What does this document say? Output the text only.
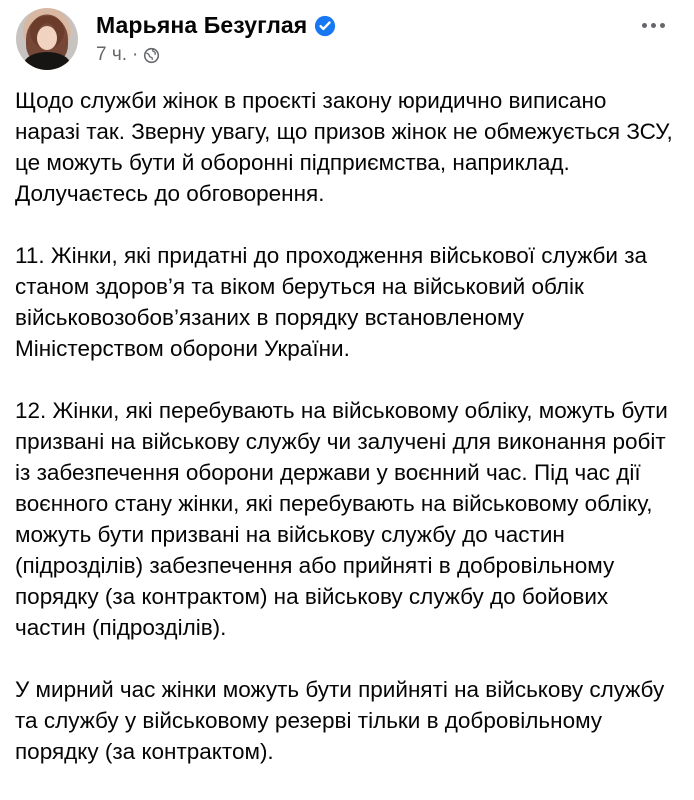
Марьяна Безуглая
7 ч. ·

Щодо служби жінок в проєкті закону юридично виписано наразі так. Зверну увагу, що призов жінок не обмежується ЗСУ, це можуть бути й оборонні підприємства, наприклад. Долучаєтесь до обговорення.

11. Жінки, які придатні до проходження військової служби за станом здоров’я та віком беруться на військовий облік військовозобов’язаних в порядку встановленому Міністерством оборони України.

12. Жінки, які перебувають на військовому обліку, можуть бути призвані на військову службу чи залучені для виконання робіт із забезпечення оборони держави у воєнний час. Під час дії воєнного стану жінки, які перебувають на військовому обліку, можуть бути призвані на військову службу до частин (підрозділів) забезпечення або прийняті в добровільному порядку (за контрактом) на військову службу до бойових частин (підрозділів).

У мирний час жінки можуть бути прийняті на військову службу та службу у військовому резерві тільки в добровільному порядку (за контрактом).
